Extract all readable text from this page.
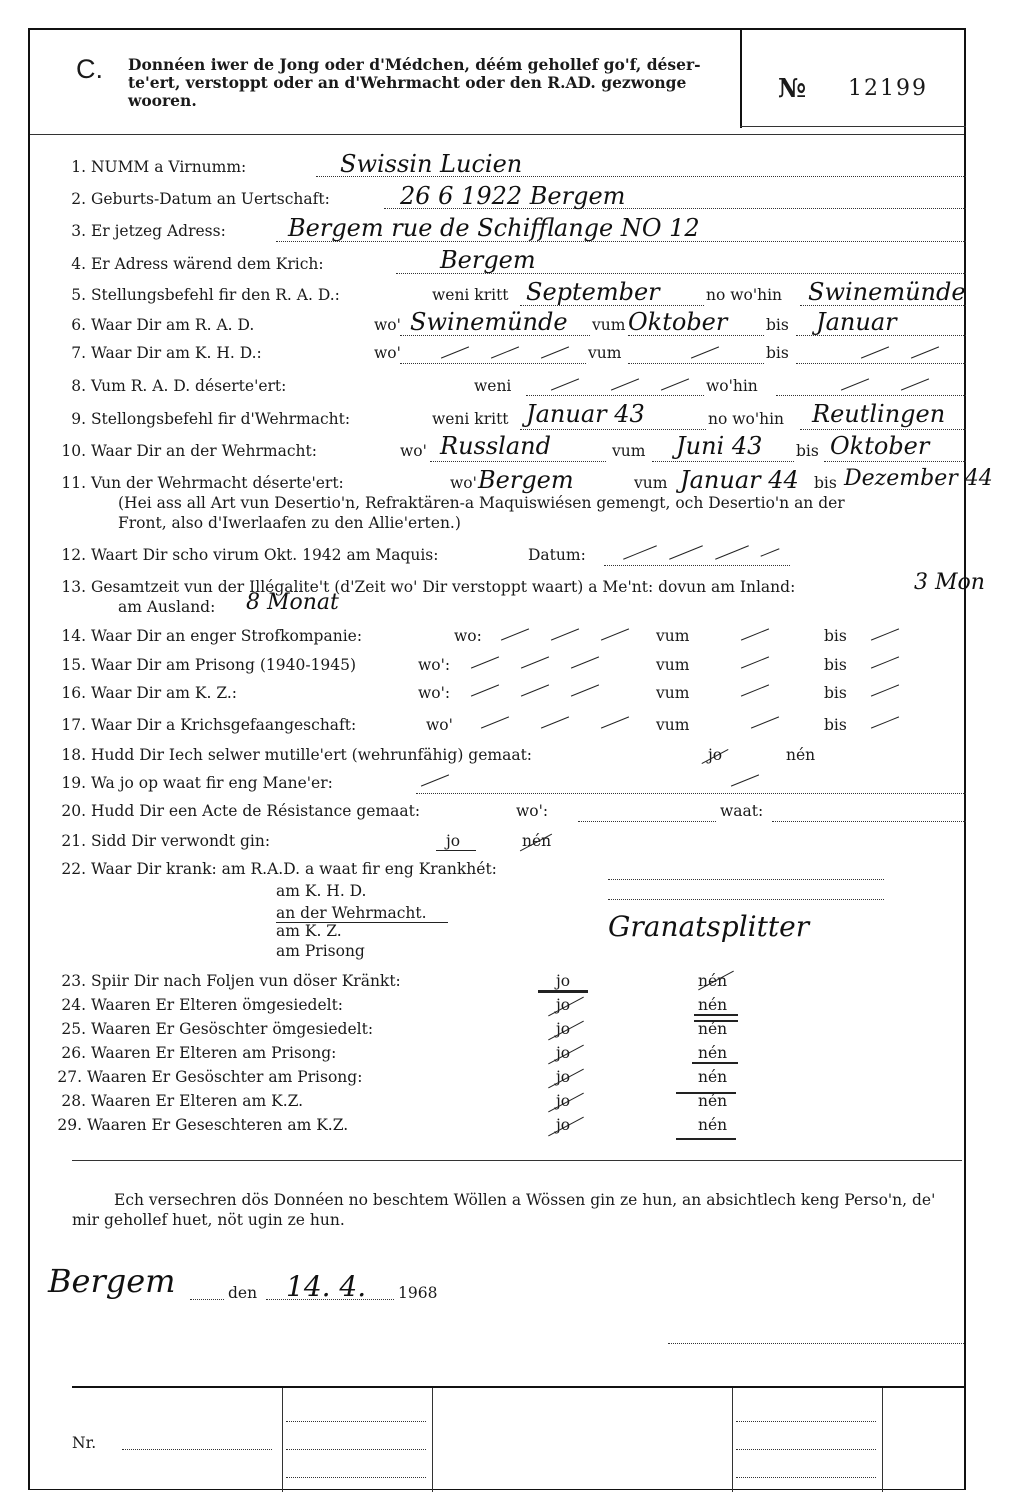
C. Donnéen iwer de Jong oder d'Médchen, déém gehollef go'f, déser-te'ert, verstoppt oder an d'Wehrmacht oder den R.AD. gezwonge wooren.	№ 12199
1. NUMM a Virnumm:	Swissin Lucien
2. Geburts-Datum an Uertschaft:	26 6 1922 Bergem
3. Er jetzeg Adress:	Bergem rue de Schifflange NO 12
4. Er Adress wärend dem Krich:	Bergem
5. Stellungsbefehl fir den R. A. D.:	weni kritt	no wo'hin
September	Swinemünde
6. Waar Dir am R. A. D.	wo'	vum	bis
Swinemünde	Oktober	Januar
7. Waar Dir am K. H. D.:	wo'	vum	bis
8. Vum R. A. D. déserte'ert:	weni	wo'hin
9. Stellongsbefehl fir d'Wehrmacht:	weni kritt	no wo'hin
Januar 43	Reutlingen
10. Waar Dir an der Wehrmacht:	wo'	vum	bis
Russland	Juni 43	Oktober
11. Vun der Wehrmacht déserte'ert:	wo'	vum	bis
Bergem	Januar 44 Dezember 44
(Hei ass all Art vun Desertio'n, Refraktären-a Maquiswiésen gemengt, och Desertio'n an der
Front, also d'Iwerlaafen zu den Allie'erten.)
12. Waart Dir scho virum Okt. 1942 am Maquis:	Datum:
13. Gesamtzeit vun der Illégalite't (d'Zeit wo' Dir verstoppt waart) a Me'nt: dovun am Inland:	3 Mon
am Ausland: 8 Monat
14. Waar Dir an enger Strofkompanie:	wo:	vum	bis
15. Waar Dir am Prisong (1940-1945)	wo':	vum	bis
16. Waar Dir am K. Z.:	wo':	vum	bis
17. Waar Dir a Krichsgefaangeschaft:	wo'	vum	bis
18. Hudd Dir Iech selwer mutille'ert (wehrunfähig) gemaat:	jo	nén
19. Wa jo op waat fir eng Mane'er:
20. Hudd Dir een Acte de Résistance gemaat:	wo':	waat:
21. Sidd Dir verwondt gin:	jo	nén
22. Waar Dir krank: am R.A.D. a waat fir eng Krankhét:
am K. H. D.
an der Wehrmacht.
am K. Z.
am Prisong
Granatsplitter
23. Spiir Dir nach Foljen vun döser Kränkt:	jo	nén
24. Waaren Er Elteren ömgesiedelt:	jo	nén
25. Waaren Er Gesöschter ömgesiedelt:	jo	nén
26. Waaren Er Elteren am Prisong:	jo	nén
27. Waaren Er Gesöschter am Prisong:	jo	nén
28. Waaren Er Elteren am K.Z.	jo	nén
29. Waaren Er Geseschteren am K.Z.	jo	nén
Ech versechren dös Donnéen no beschtem Wöllen a Wössen gin ze hun, an absichtlech keng Perso'n, de' mir gehollef huet, nöt ugin ze hun.
Bergem	den 14. 4. 1968
Nr.
